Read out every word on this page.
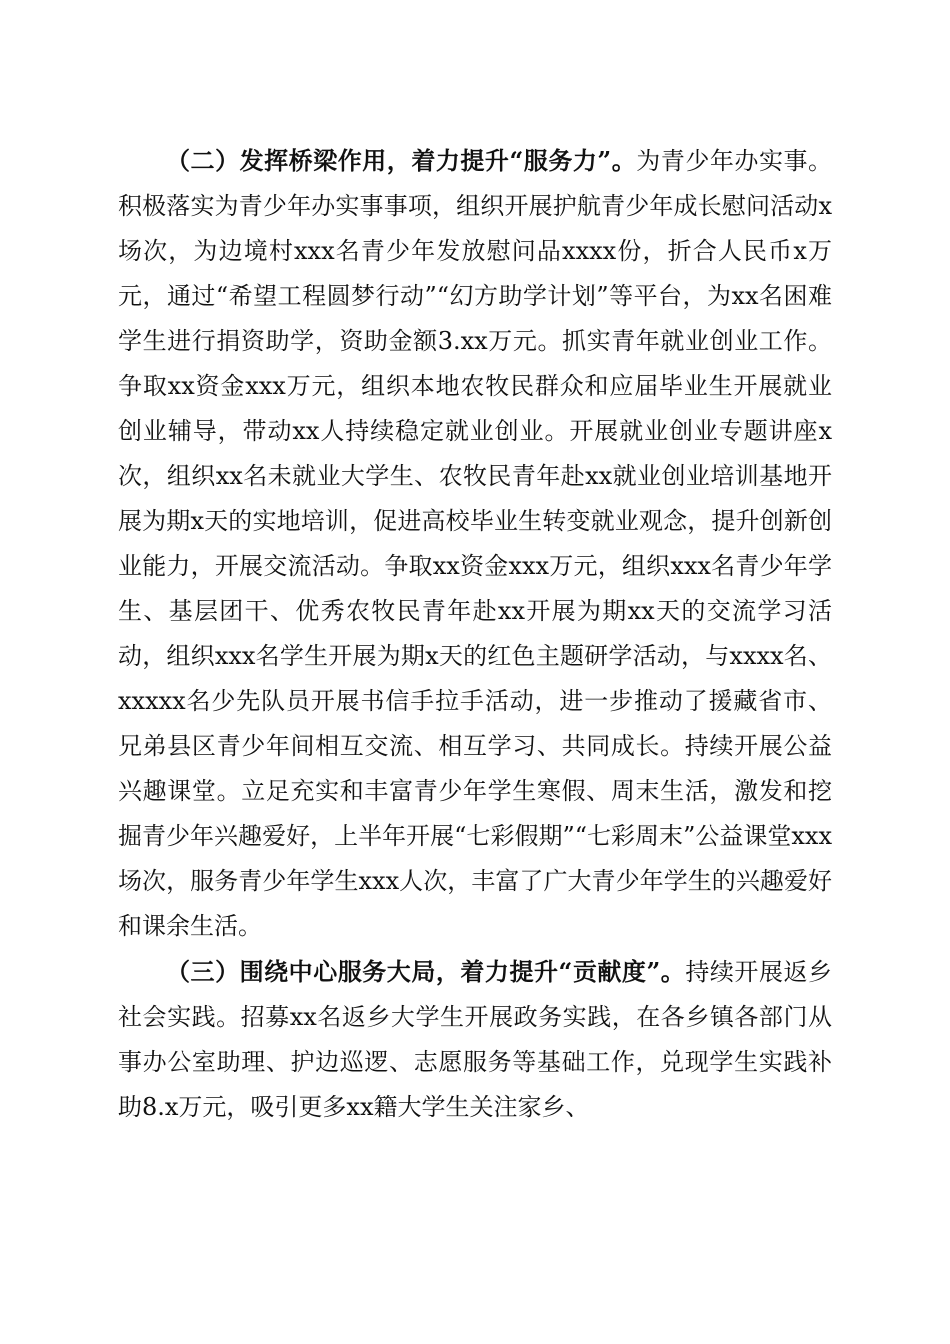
（二）发挥桥梁作用，着力提升“服务力”。为青少年办实事。积极落实为青少年办实事事项，组织开展护航青少年成长慰问活动x场次，为边境村xxx名青少年发放慰问品xxxx份，折合人民币x万元，通过“希望工程圆梦行动”“幻方助学计划”等平台，为xx名困难学生进行捐资助学，资助金额3.xx万元。抓实青年就业创业工作。争取xx资金xxx万元，组织本地农牧民群众和应届毕业生开展就业创业辅导，带动xx人持续稳定就业创业。开展就业创业专题讲座x次，组织xx名未就业大学生、农牧民青年赴xx就业创业培训基地开展为期x天的实地培训，促进高校毕业生转变就业观念，提升创新创业能力，开展交流活动。争取xx资金xxx万元，组织xxx名青少年学生、基层团干、优秀农牧民青年赴xx开展为期xx天的交流学习活动，组织xxx名学生开展为期x天的红色主题研学活动，与xxxx名、xxxxx名少先队员开展书信手拉手活动，进一步推动了援藏省市、兄弟县区青少年间相互交流、相互学习、共同成长。持续开展公益兴趣课堂。立足充实和丰富青少年学生寒假、周末生活，激发和挖掘青少年兴趣爱好，上半年开展“七彩假期”“七彩周末”公益课堂xxx场次，服务青少年学生xxx人次，丰富了广大青少年学生的兴趣爱好和课余生活。

（三）围绕中心服务大局，着力提升“贡献度”。持续开展返乡社会实践。招募xx名返乡大学生开展政务实践，在各乡镇各部门从事办公室助理、护边巡逻、志愿服务等基础工作，兑现学生实践补助8.x万元，吸引更多xx籍大学生关注家乡、
